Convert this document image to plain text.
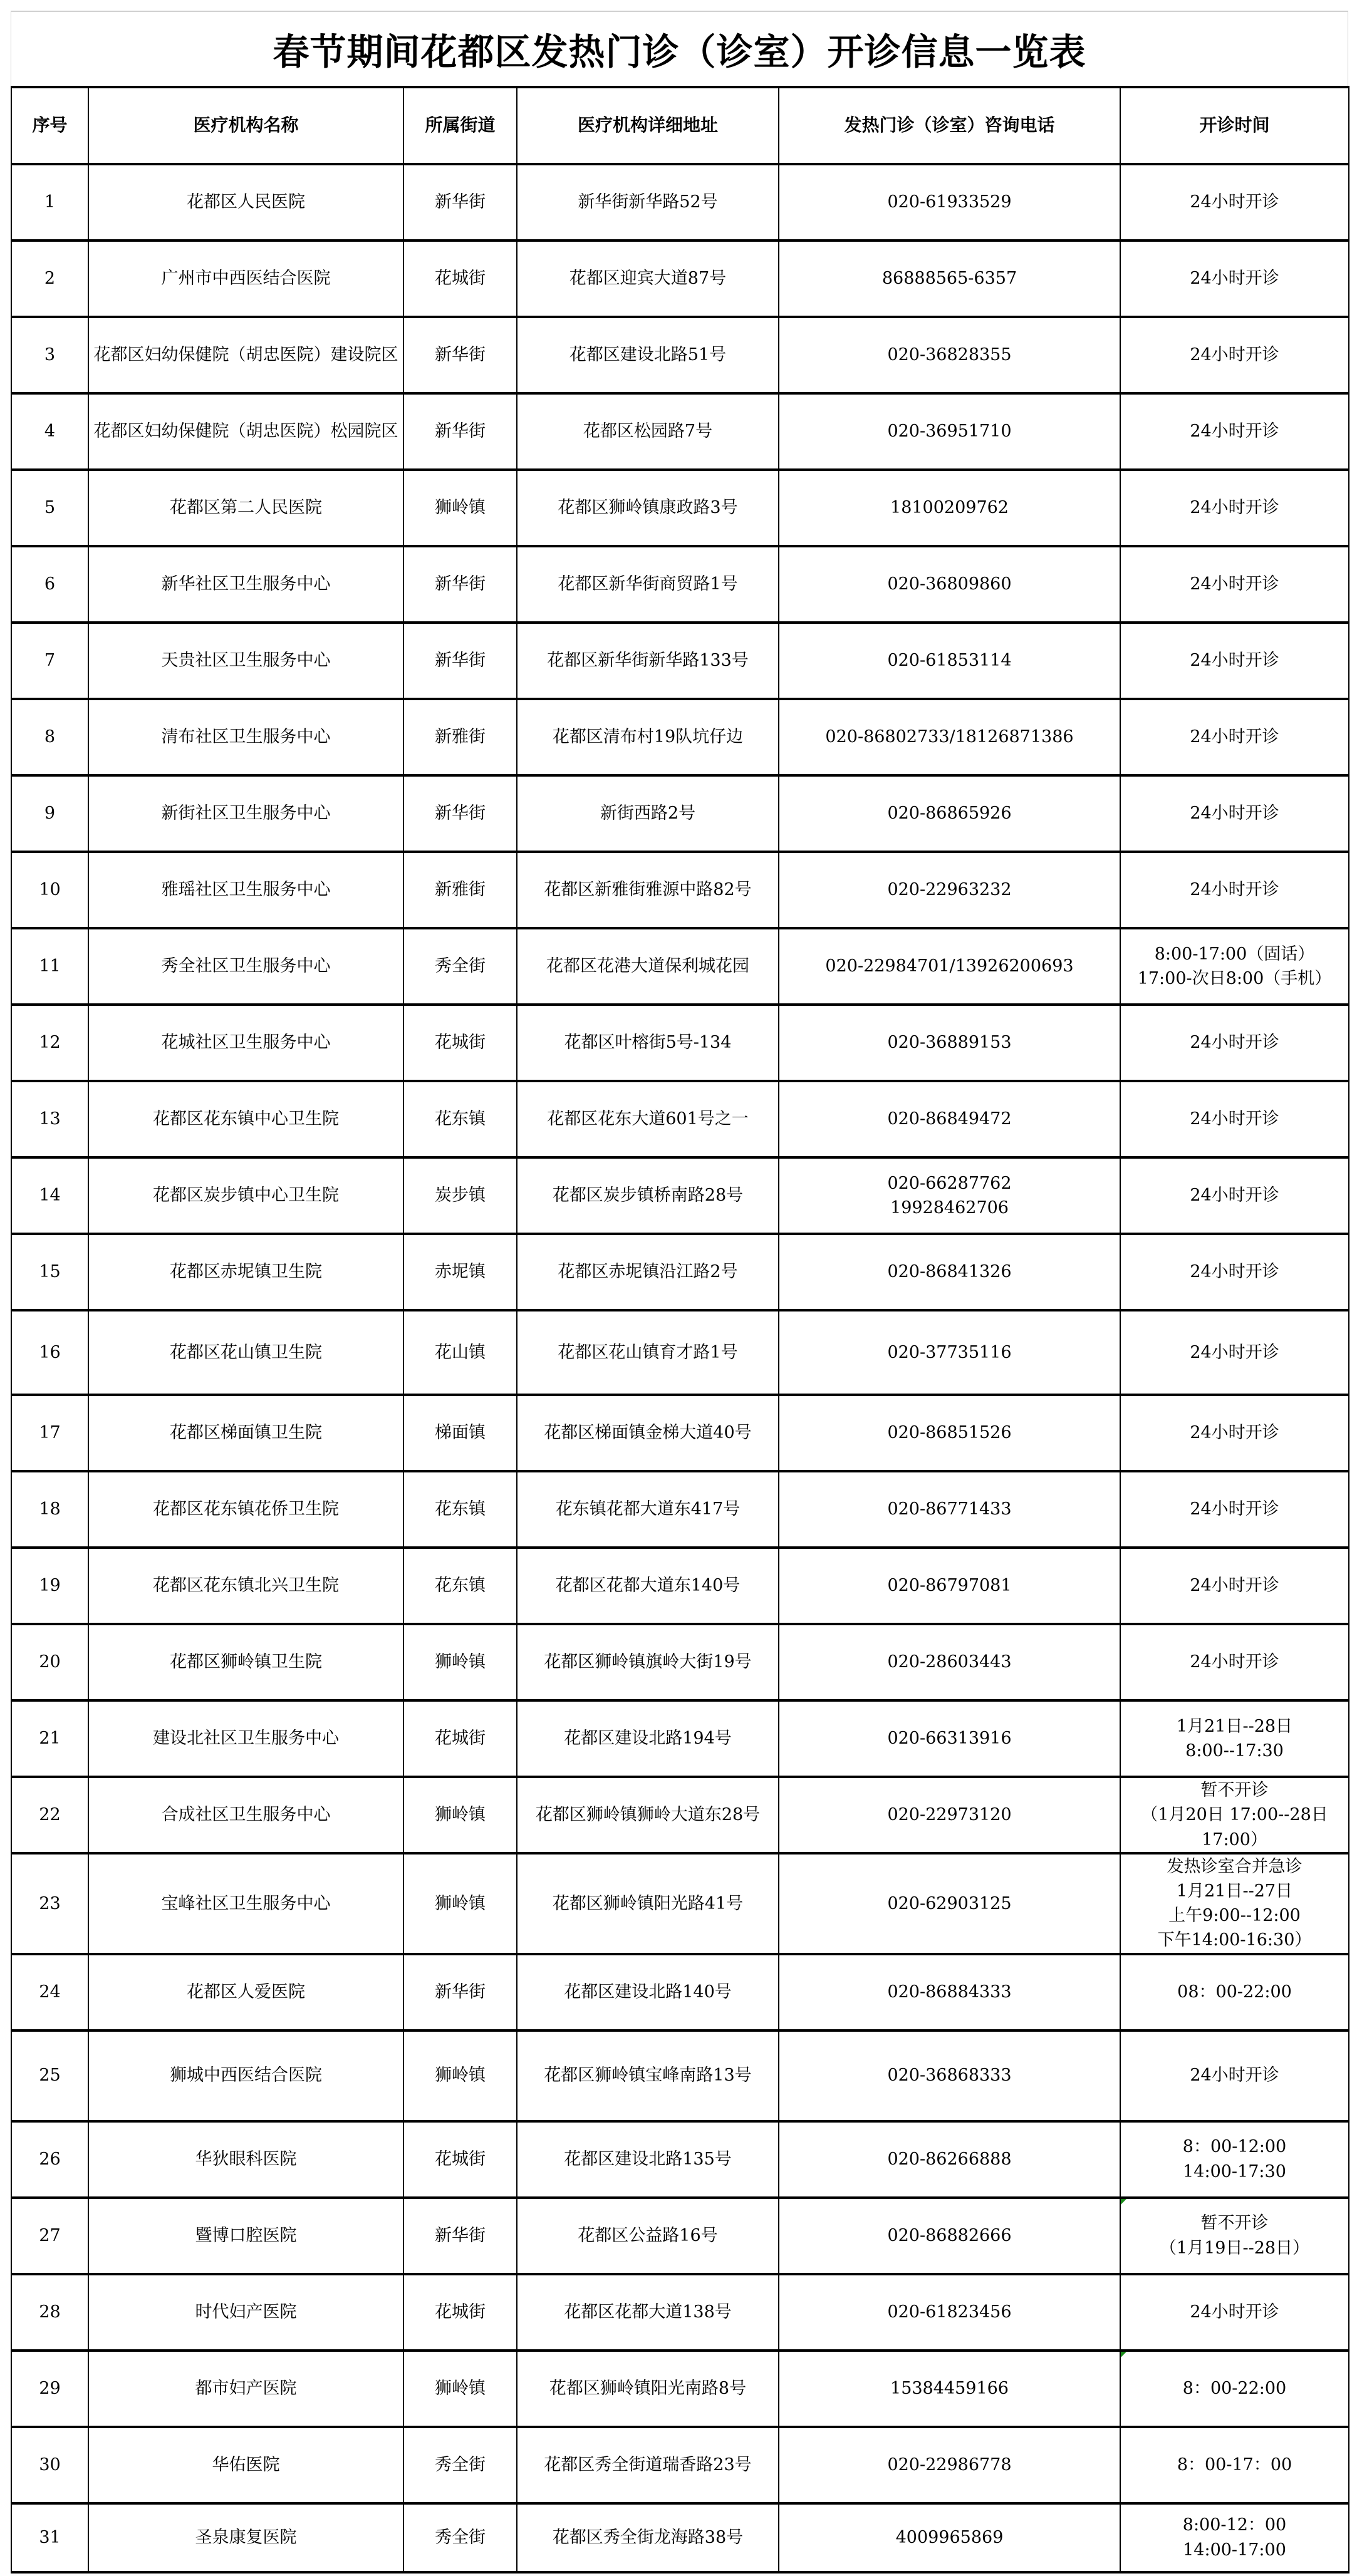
春节期间花都区发热门诊（诊室）开诊信息一览表
序号	医疗机构名称	所属街道	医疗机构详细地址	发热门诊（诊室）咨询电话	开诊时间
1	花都区人民医院	新华街	新华街新华路52号	020-61933529	24小时开诊
2	广州市中西医结合医院	花城街	花都区迎宾大道87号	86888565-6357	24小时开诊
3	花都区妇幼保健院（胡忠医院）建设院区	新华街	花都区建设北路51号	020-36828355	24小时开诊
4	花都区妇幼保健院（胡忠医院）松园院区	新华街	花都区松园路7号	020-36951710	24小时开诊
5	花都区第二人民医院	狮岭镇	花都区狮岭镇康政路3号	18100209762	24小时开诊
6	新华社区卫生服务中心	新华街	花都区新华街商贸路1号	020-36809860	24小时开诊
7	天贵社区卫生服务中心	新华街	花都区新华街新华路133号	020-61853114	24小时开诊
8	清布社区卫生服务中心	新雅街	花都区清布村19队坑仔边	020-86802733/18126871386	24小时开诊
9	新街社区卫生服务中心	新华街	新街西路2号	020-86865926	24小时开诊
10	雅瑶社区卫生服务中心	新雅街	花都区新雅街雅源中路82号	020-22963232	24小时开诊
11	秀全社区卫生服务中心	秀全街	花都区花港大道保利城花园	020-22984701/13926200693	8:00-17:00（固话）
17:00-次日8:00（手机）
12	花城社区卫生服务中心	花城街	花都区叶榕街5号-134	020-36889153	24小时开诊
13	花都区花东镇中心卫生院	花东镇	花都区花东大道601号之一	020-86849472	24小时开诊
14	花都区炭步镇中心卫生院	炭步镇	花都区炭步镇桥南路28号	020-66287762
19928462706	24小时开诊
15	花都区赤坭镇卫生院	赤坭镇	花都区赤坭镇沿江路2号	020-86841326	24小时开诊
16	花都区花山镇卫生院	花山镇	花都区花山镇育才路1号	020-37735116	24小时开诊
17	花都区梯面镇卫生院	梯面镇	花都区梯面镇金梯大道40号	020-86851526	24小时开诊
18	花都区花东镇花侨卫生院	花东镇	花东镇花都大道东417号	020-86771433	24小时开诊
19	花都区花东镇北兴卫生院	花东镇	花都区花都大道东140号	020-86797081	24小时开诊
20	花都区狮岭镇卫生院	狮岭镇	花都区狮岭镇旗岭大街19号	020-28603443	24小时开诊
21	建设北社区卫生服务中心	花城街	花都区建设北路194号	020-66313916	1月21日--28日
8:00--17:30
22	合成社区卫生服务中心	狮岭镇	花都区狮岭镇狮岭大道东28号	020-22973120	暂不开诊
（1月20日 17:00--28日
17:00）
23	宝峰社区卫生服务中心	狮岭镇	花都区狮岭镇阳光路41号	020-62903125	发热诊室合并急诊
1月21日--27日
上午9:00--12:00
下午14:00-16:30）
24	花都区人爱医院	新华街	花都区建设北路140号	020-86884333	08：00-22:00
25	狮城中西医结合医院	狮岭镇	花都区狮岭镇宝峰南路13号	020-36868333	24小时开诊
26	华狄眼科医院	花城街	花都区建设北路135号	020-86266888	8：00-12:00
14:00-17:30
27	暨博口腔医院	新华街	花都区公益路16号	020-86882666	暂不开诊
（1月19日--28日）

28	时代妇产医院	花城街	花都区花都大道138号	020-61823456	24小时开诊
29	都市妇产医院	狮岭镇	花都区狮岭镇阳光南路8号	15384459166	8：00-22:00

30	华佑医院	秀全街	花都区秀全街道瑞香路23号	020-22986778	8：00-17：00
31	圣泉康复医院	秀全街	花都区秀全街龙海路38号	4009965869	8:00-12：00
14:00-17:00
